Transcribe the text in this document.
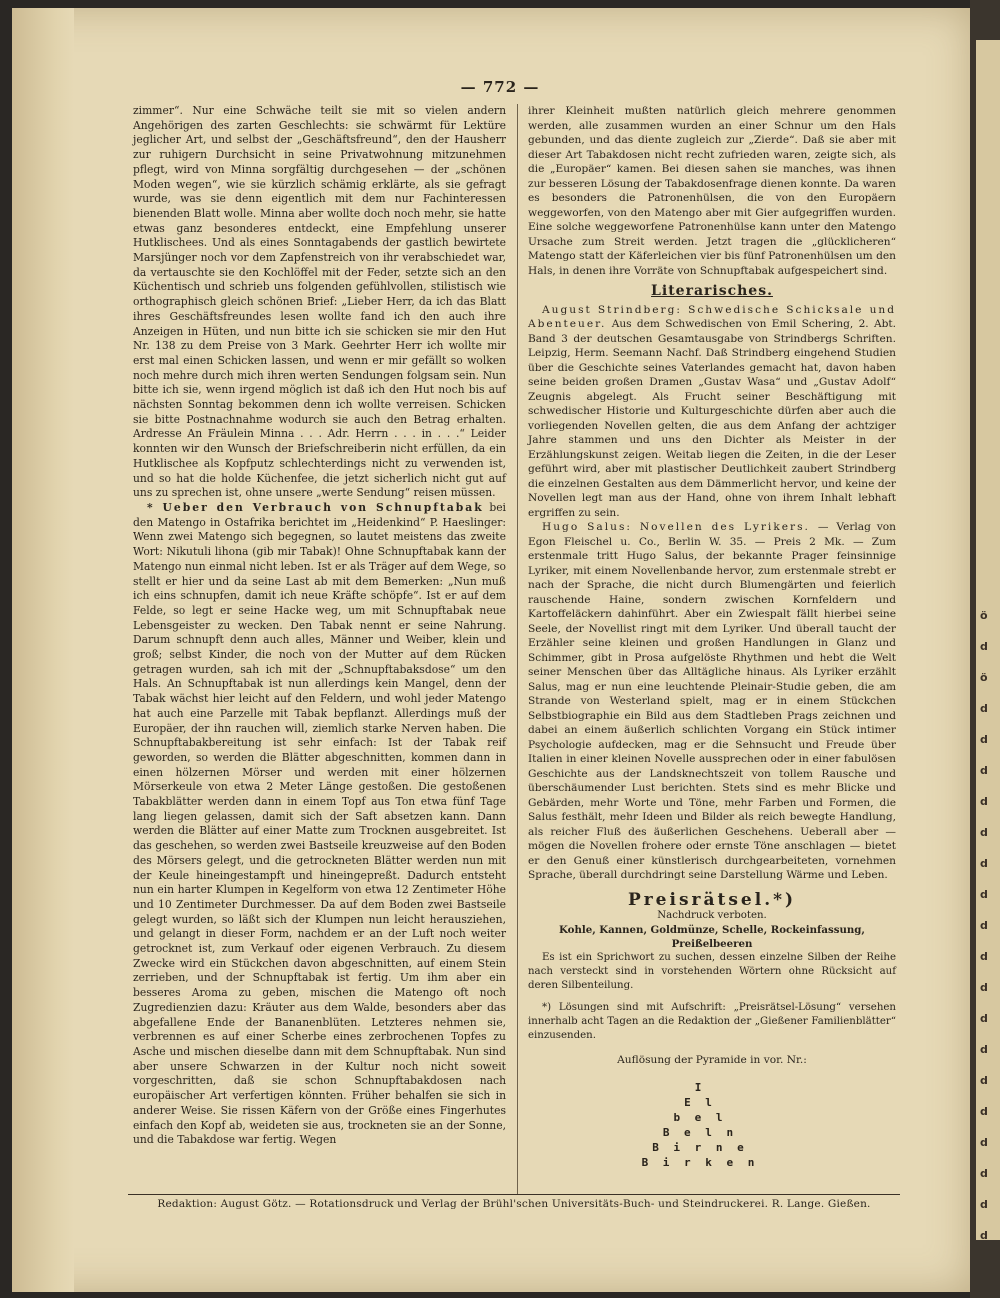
ö
d
ö
d
d
d
d
d
d
d
d
d
d
d
d
d
d
d
d
d
d
— 772 —

zimmer“. Nur eine Schwäche teilt sie mit so vielen andern Angehörigen des zarten Geschlechts: sie schwärmt für Lektüre jeglicher Art, und selbst der „Geschäftsfreund“, den der Hausherr zur ruhigern Durchsicht in seine Privatwohnung mitzunehmen pflegt, wird von Minna sorgfältig durchgesehen — der „schönen Moden wegen“, wie sie kürzlich schämig erklärte, als sie gefragt wurde, was sie denn eigentlich mit dem nur Fachinteressen bienenden Blatt wolle. Minna aber wollte doch noch mehr, sie hatte etwas ganz besonderes entdeckt, eine Empfehlung unserer Hutklischees. Und als eines Sonntagabends der gastlich bewirtete Marsjünger noch vor dem Zapfenstreich von ihr verabschiedet war, da vertauschte sie den Kochlöffel mit der Feder, setzte sich an den Küchentisch und schrieb uns folgenden gefühlvollen, stilistisch wie orthographisch gleich schönen Brief: „Lieber Herr, da ich das Blatt ihres Geschäftsfreundes lesen wollte fand ich den auch ihre Anzeigen in Hüten, und nun bitte ich sie schicken sie mir den Hut Nr. 138 zu dem Preise von 3 Mark. Geehrter Herr ich wollte mir erst mal einen Schicken lassen, und wenn er mir gefällt so wolken noch mehre durch mich ihren werten Sendungen folgsam sein. Nun bitte ich sie, wenn irgend möglich ist daß ich den Hut noch bis auf nächsten Sonntag bekommen denn ich wollte verreisen. Schicken sie bitte Postnachnahme wodurch sie auch den Betrag erhalten. Ardresse An Fräulein Minna . . . Adr. Herrn . . . in . . .“ Leider konnten wir den Wunsch der Briefschreiberin nicht erfüllen, da ein Hutklischee als Kopfputz schlechterdings nicht zu verwenden ist, und so hat die holde Küchenfee, die jetzt sicherlich nicht gut auf uns zu sprechen ist, ohne unsere „werte Sendung“ reisen müssen.

* Ueber den Verbrauch von Schnupftabak bei den Matengo in Ostafrika berichtet im „Heidenkind“ P. Haeslinger: Wenn zwei Matengo sich begegnen, so lautet meistens das zweite Wort: Nikutuli lihona (gib mir Tabak)! Ohne Schnupftabak kann der Matengo nun einmal nicht leben. Ist er als Träger auf dem Wege, so stellt er hier und da seine Last ab mit dem Bemerken: „Nun muß ich eins schnupfen, damit ich neue Kräfte schöpfe“. Ist er auf dem Felde, so legt er seine Hacke weg, um mit Schnupftabak neue Lebensgeister zu wecken. Den Tabak nennt er seine Nahrung. Darum schnupft denn auch alles, Männer und Weiber, klein und groß; selbst Kinder, die noch von der Mutter auf dem Rücken getragen wurden, sah ich mit der „Schnupftabaksdose“ um den Hals. An Schnupftabak ist nun allerdings kein Mangel, denn der Tabak wächst hier leicht auf den Feldern, und wohl jeder Matengo hat auch eine Parzelle mit Tabak bepflanzt. Allerdings muß der Europäer, der ihn rauchen will, ziemlich starke Nerven haben. Die Schnupftabakbereitung ist sehr einfach: Ist der Tabak reif geworden, so werden die Blätter abgeschnitten, kommen dann in einen hölzernen Mörser und werden mit einer hölzernen Mörserkeule von etwa 2 Meter Länge gestoßen. Die gestoßenen Tabakblätter werden dann in einem Topf aus Ton etwa fünf Tage lang liegen gelassen, damit sich der Saft absetzen kann. Dann werden die Blätter auf einer Matte zum Trocknen ausgebreitet. Ist das geschehen, so werden zwei Bastseile kreuzweise auf den Boden des Mörsers gelegt, und die getrockneten Blätter werden nun mit der Keule hineingestampft und hineingepreßt. Dadurch entsteht nun ein harter Klumpen in Kegelform von etwa 12 Zentimeter Höhe und 10 Zentimeter Durchmesser. Da auf dem Boden zwei Bastseile gelegt wurden, so läßt sich der Klumpen nun leicht herausziehen, und gelangt in dieser Form, nachdem er an der Luft noch weiter getrocknet ist, zum Verkauf oder eigenen Verbrauch. Zu diesem Zwecke wird ein Stückchen davon abgeschnitten, auf einem Stein zerrieben, und der Schnupftabak ist fertig. Um ihm aber ein besseres Aroma zu geben, mischen die Matengo oft noch Zugredienzien dazu: Kräuter aus dem Walde, besonders aber das abgefallene Ende der Bananenblüten. Letzteres nehmen sie, verbrennen es auf einer Scherbe eines zerbrochenen Topfes zu Asche und mischen dieselbe dann mit dem Schnupftabak. Nun sind aber unsere Schwarzen in der Kultur noch nicht soweit vorgeschritten, daß sie schon Schnupftabakdosen nach europäischer Art verfertigen könnten. Früher behalfen sie sich in anderer Weise. Sie rissen Käfern von der Größe eines Fingerhutes einfach den Kopf ab, weideten sie aus, trockneten sie an der Sonne, und die Tabakdose war fertig. Wegen

ihrer Kleinheit mußten natürlich gleich mehrere genommen werden, alle zusammen wurden an einer Schnur um den Hals gebunden, und das diente zugleich zur „Zierde“. Daß sie aber mit dieser Art Tabakdosen nicht recht zufrieden waren, zeigte sich, als die „Europäer“ kamen. Bei diesen sahen sie manches, was ihnen zur besseren Lösung der Tabakdosenfrage dienen konnte. Da waren es besonders die Patronenhülsen, die von den Europäern weggeworfen, von den Matengo aber mit Gier aufgegriffen wurden. Eine solche weggeworfene Patronenhülse kann unter den Matengo Ursache zum Streit werden. Jetzt tragen die „glücklicheren“ Matengo statt der Käferleichen vier bis fünf Patronenhülsen um den Hals, in denen ihre Vorräte von Schnupftabak aufgespeichert sind.

Literarisches.

August Strindberg: Schwedische Schicksale und Abenteuer. Aus dem Schwedischen von Emil Schering, 2. Abt. Band 3 der deutschen Gesamtausgabe von Strindbergs Schriften. Leipzig, Herm. Seemann Nachf. Daß Strindberg eingehend Studien über die Geschichte seines Vaterlandes gemacht hat, davon haben seine beiden großen Dramen „Gustav Wasa“ und „Gustav Adolf“ Zeugnis abgelegt. Als Frucht seiner Beschäftigung mit schwedischer Historie und Kulturgeschichte dürfen aber auch die vorliegenden Novellen gelten, die aus dem Anfang der achtziger Jahre stammen und uns den Dichter als Meister in der Erzählungskunst zeigen. Weitab liegen die Zeiten, in die der Leser geführt wird, aber mit plastischer Deutlichkeit zaubert Strindberg die einzelnen Gestalten aus dem Dämmerlicht hervor, und keine der Novellen legt man aus der Hand, ohne von ihrem Inhalt lebhaft ergriffen zu sein.

Hugo Salus: Novellen des Lyrikers. — Verlag von Egon Fleischel u. Co., Berlin W. 35. — Preis 2 Mk. — Zum erstenmale tritt Hugo Salus, der bekannte Prager feinsinnige Lyriker, mit einem Novellenbande hervor, zum erstenmale strebt er nach der Sprache, die nicht durch Blumengärten und feierlich rauschende Haine, sondern zwischen Kornfeldern und Kartoffeläckern dahinführt. Aber ein Zwiespalt fällt hierbei seine Seele, der Novellist ringt mit dem Lyriker. Und überall taucht der Erzähler seine kleinen und großen Handlungen in Glanz und Schimmer, gibt in Prosa aufgelöste Rhythmen und hebt die Welt seiner Menschen über das Alltägliche hinaus. Als Lyriker erzählt Salus, mag er nun eine leuchtende Pleinair-Studie geben, die am Strande von Westerland spielt, mag er in einem Stückchen Selbstbiographie ein Bild aus dem Stadtleben Prags zeichnen und dabei an einem äußerlich schlichten Vorgang ein Stück intimer Psychologie aufdecken, mag er die Sehnsucht und Freude über Italien in einer kleinen Novelle aussprechen oder in einer fabulösen Geschichte aus der Landsknechtszeit von tollem Rausche und überschäumender Lust berichten. Stets sind es mehr Blicke und Gebärden, mehr Worte und Töne, mehr Farben und Formen, die Salus festhält, mehr Ideen und Bilder als reich bewegte Handlung, als reicher Fluß des äußerlichen Geschehens. Ueberall aber — mögen die Novellen frohere oder ernste Töne anschlagen — bietet er den Genuß einer künstlerisch durchgearbeiteten, vornehmen Sprache, überall durchdringt seine Darstellung Wärme und Leben.

Preisrätsel.*)

Nachdruck verboten.

Kohle, Kannen, Goldmünze, Schelle, Rockeinfassung, Preißelbeeren

Es ist ein Sprichwort zu suchen, dessen einzelne Silben der Reihe nach versteckt sind in vorstehenden Wörtern ohne Rücksicht auf deren Silbenteilung.

*) Lösungen sind mit Aufschrift: „Preisrätsel-Lösung“ versehen innerhalb acht Tagen an die Redaktion der „Gießener Familienblätter“ einzusenden.

Auflösung der Pyramide in vor. Nr.:

I
E l
b e l
B e l n
B i r n e
B i r k e n
Redaktion: August Götz. — Rotationsdruck und Verlag der Brühl'schen Universitäts-Buch- und Steindruckerei. R. Lange. Gießen.
